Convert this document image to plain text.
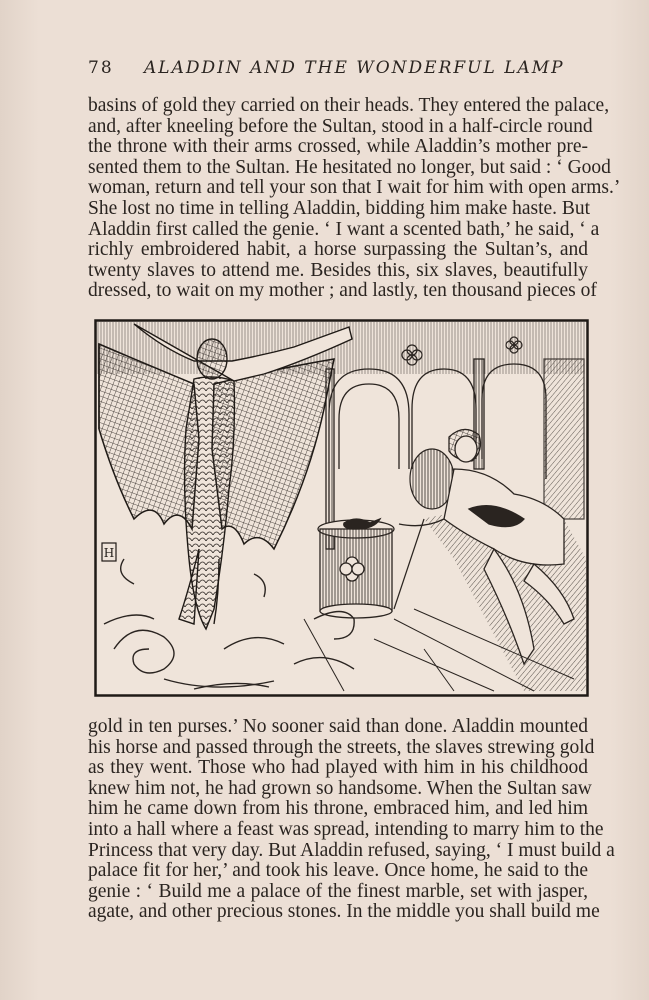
78 ALADDIN AND THE WONDERFUL LAMP
basins of gold they carried on their heads. They entered the palace,
and, after kneeling before the Sultan, stood in a half-circle round
the throne with their arms crossed, while Aladdin’s mother pre-
sented them to the Sultan. He hesitated no longer, but said : ‘ Good
woman, return and tell your son that I wait for him with open arms.’
She lost no time in telling Aladdin, bidding him make haste. But
Aladdin first called the genie. ‘ I want a scented bath,’ he said, ‘ a
richly embroidered habit, a horse surpassing the Sultan’s, and
twenty slaves to attend me. Besides this, six slaves, beautifully
dressed, to wait on my mother ; and lastly, ten thousand pieces of
H
gold in ten purses.’ No sooner said than done. Aladdin mounted
his horse and passed through the streets, the slaves strewing gold
as they went. Those who had played with him in his childhood
knew him not, he had grown so handsome. When the Sultan saw
him he came down from his throne, embraced him, and led him
into a hall where a feast was spread, intending to marry him to the
Princess that very day. But Aladdin refused, saying, ‘ I must build a
palace fit for her,’ and took his leave. Once home, he said to the
genie : ‘ Build me a palace of the finest marble, set with jasper,
agate, and other precious stones. In the middle you shall build me
